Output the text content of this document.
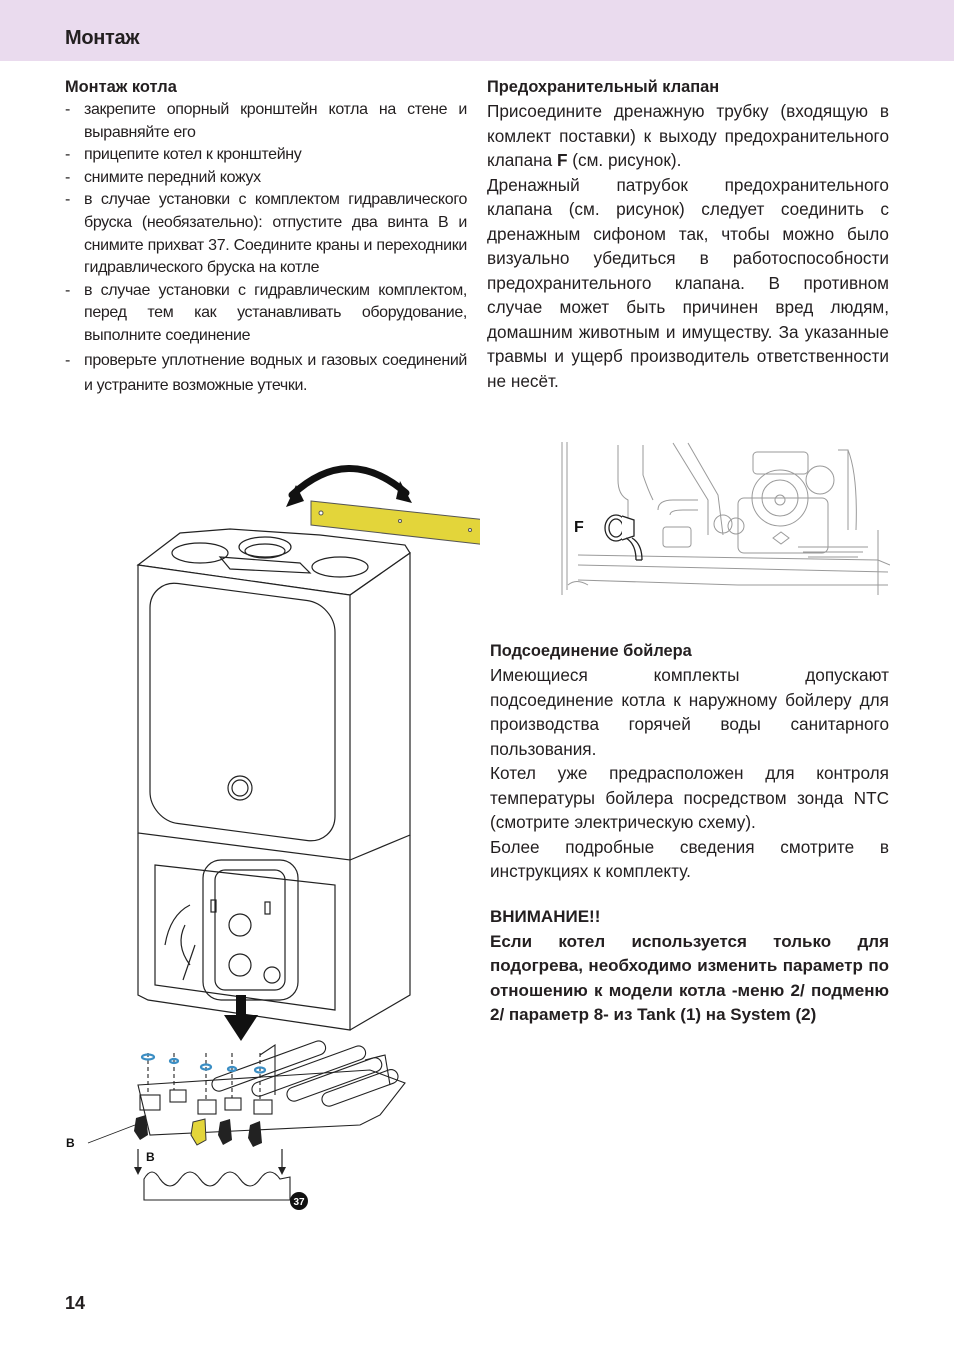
Монтаж
Монтаж котла
- закрепите опорный кронштейн котла на стене и выравняйте его
- прицепите котел к кронштейну
- снимите передний кожух
- в случае установки с комплектом гидравлического бруска (необязательно): отпустите два винта B и снимите прихват 37. Соедините краны и переходники гидравлического бруска на котле
- в случае установки с гидравлическим комплектом, перед тем как устанавливать оборудование, выполните соединение
- проверьте уплотнение водных и газовых соединений и устраните возможные утечки.
Предохранительный клапан

Присоедините дренажную трубку (входящую в комлект поставки) к выходу предохранительного клапана F (см. рисунок).

Дренажный патрубок предохранительного клапана (см. рисунок) следует соединить с дренажным сифоном так, чтобы можно было визуально убедиться в работоспособности предохранительного клапана. В противном случае может быть причинен вред людям, домашним животным и имуществу. За указанные травмы и ущерб производитель ответственности не несёт.

F
Подсоединение бойлера

Имеющиеся комплекты допускают подсоединение котла к наружному бойлеру для производства горячей воды санитарного пользования.

Котел уже предрасположен для контроля температуры бойлера посредством зонда NTC (смотрите электрическую схему).

Более подробные сведения смотрите в инструкциях к комплекту.

ВНИМАНИЕ!!

Если котел используется только для подогрева, необходимо изменить параметр по отношению к модели котла -меню 2/ подменю 2/ параметр 8- из Tank (1) на System (2)

B
B
37
14
